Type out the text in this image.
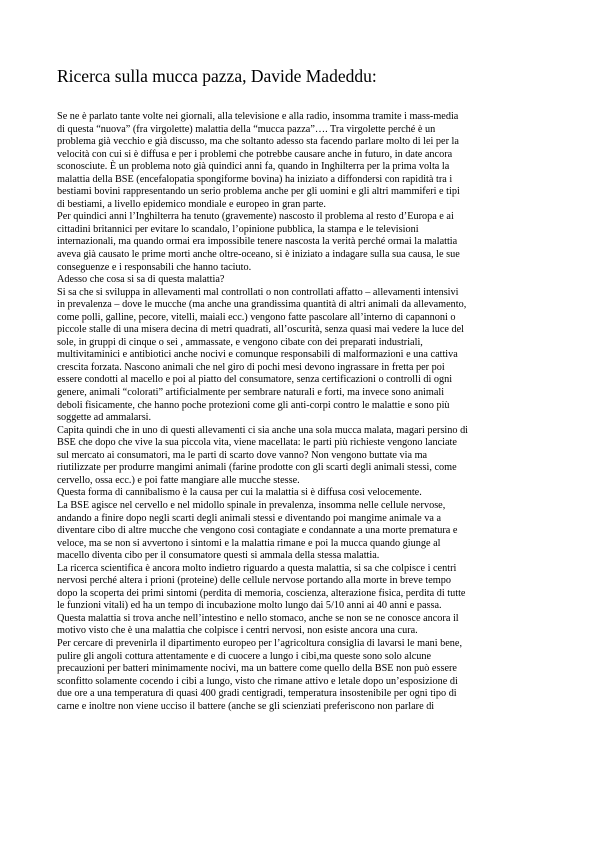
Ricerca sulla mucca pazza, Davide Madeddu:
Se ne è parlato tante volte nei giornali, alla televisione e alla radio, insomma tramite i mass-media
di questa “nuova” (fra virgolette) malattia della “mucca pazza”…. Tra virgolette perché è un
problema già vecchio e già discusso, ma che soltanto adesso sta facendo parlare molto di lei per la
velocità con cui si è diffusa e per i problemi che potrebbe causare anche in futuro, in date ancora
sconosciute. È un problema noto già quindici anni fa, quando in Inghilterra per la prima volta la
malattia della BSE (encefalopatia spongiforme bovina) ha iniziato a diffondersi con rapidità tra i
bestiami bovini rappresentando un serio problema anche per gli uomini e gli altri mammiferi e tipi
di bestiami, a livello epidemico mondiale e europeo in gran parte.
Per quindici anni l’Inghilterra ha tenuto (gravemente) nascosto il problema al resto d’Europa e ai
cittadini britannici per evitare lo scandalo, l’opinione pubblica, la stampa e le televisioni
internazionali, ma quando ormai era impossibile tenere nascosta la verità perché ormai la malattia
aveva già causato le prime morti anche oltre-oceano, si è iniziato a indagare sulla sua causa, le sue
conseguenze e i responsabili che hanno taciuto.
Adesso che cosa si sa di questa malattia?
Si sa che si sviluppa in allevamenti mal controllati o non controllati affatto – allevamenti intensivi
in prevalenza – dove le mucche (ma anche una grandissima quantità di altri animali da allevamento,
come polli, galline, pecore, vitelli, maiali ecc.) vengono fatte pascolare all’interno di capannoni o
piccole stalle di una misera decina di metri quadrati, all’oscurità, senza quasi mai vedere la luce del
sole, in gruppi di cinque o sei , ammassate, e vengono cibate con dei preparati industriali,
multivitaminici e antibiotici anche nocivi e comunque responsabili di malformazioni e una cattiva
crescita forzata. Nascono animali che nel giro di pochi mesi devono ingrassare in fretta per poi
essere condotti al macello e poi al piatto del consumatore, senza certificazioni o controlli di ogni
genere, animali “colorati” artificialmente per sembrare naturali e forti, ma invece sono animali
deboli fisicamente, che hanno poche protezioni come gli anti-corpi contro le malattie e sono più
soggette ad ammalarsi.
Capita quindi che in uno di questi allevamenti ci sia anche una sola mucca malata, magari persino di
BSE che dopo che vive la sua piccola vita, viene macellata: le parti più richieste vengono lanciate
sul mercato ai consumatori, ma le parti di scarto dove vanno? Non vengono buttate via ma
riutilizzate per produrre mangimi animali (farine prodotte con gli scarti degli animali stessi, come
cervello, ossa ecc.) e poi fatte mangiare alle mucche stesse.
Questa forma di cannibalismo è la causa per cui la malattia si è diffusa così velocemente.
La BSE agisce nel cervello e nel midollo spinale in prevalenza, insomma nelle cellule nervose,
andando a finire dopo negli scarti degli animali stessi e diventando poi mangime animale va a
diventare cibo di altre mucche che vengono così contagiate e condannate a una morte prematura e
veloce, ma se non si avvertono i sintomi e la malattia rimane e poi la mucca quando giunge al
macello diventa cibo per il consumatore questi si ammala della stessa malattia.
La ricerca scientifica è ancora molto indietro riguardo a questa malattia, si sa che colpisce i centri
nervosi perché altera i prioni (proteine) delle cellule nervose portando alla morte in breve tempo
dopo la scoperta dei primi sintomi (perdita di memoria, coscienza, alterazione fisica, perdita di tutte
le funzioni vitali) ed ha un tempo di incubazione molto lungo dai 5/10 anni ai 40 anni e passa.
Questa malattia si trova anche nell’intestino e nello stomaco, anche se non se ne conosce ancora il
motivo visto che è una malattia che colpisce i centri nervosi, non esiste ancora una cura.
Per cercare di prevenirla il dipartimento europeo per l’agricoltura consiglia di lavarsi le mani bene,
pulire gli angoli cottura attentamente e di cuocere a lungo i cibi,ma queste sono solo alcune
precauzioni per batteri minimamente nocivi, ma un battere come quello della BSE non può essere
sconfitto solamente cocendo i cibi a lungo, visto che rimane attivo e letale dopo un’esposizione di
due ore a una temperatura di quasi 400 gradi centigradi, temperatura insostenibile per ogni tipo di
carne e inoltre non viene ucciso il battere (anche se gli scienziati preferiscono non parlare di
